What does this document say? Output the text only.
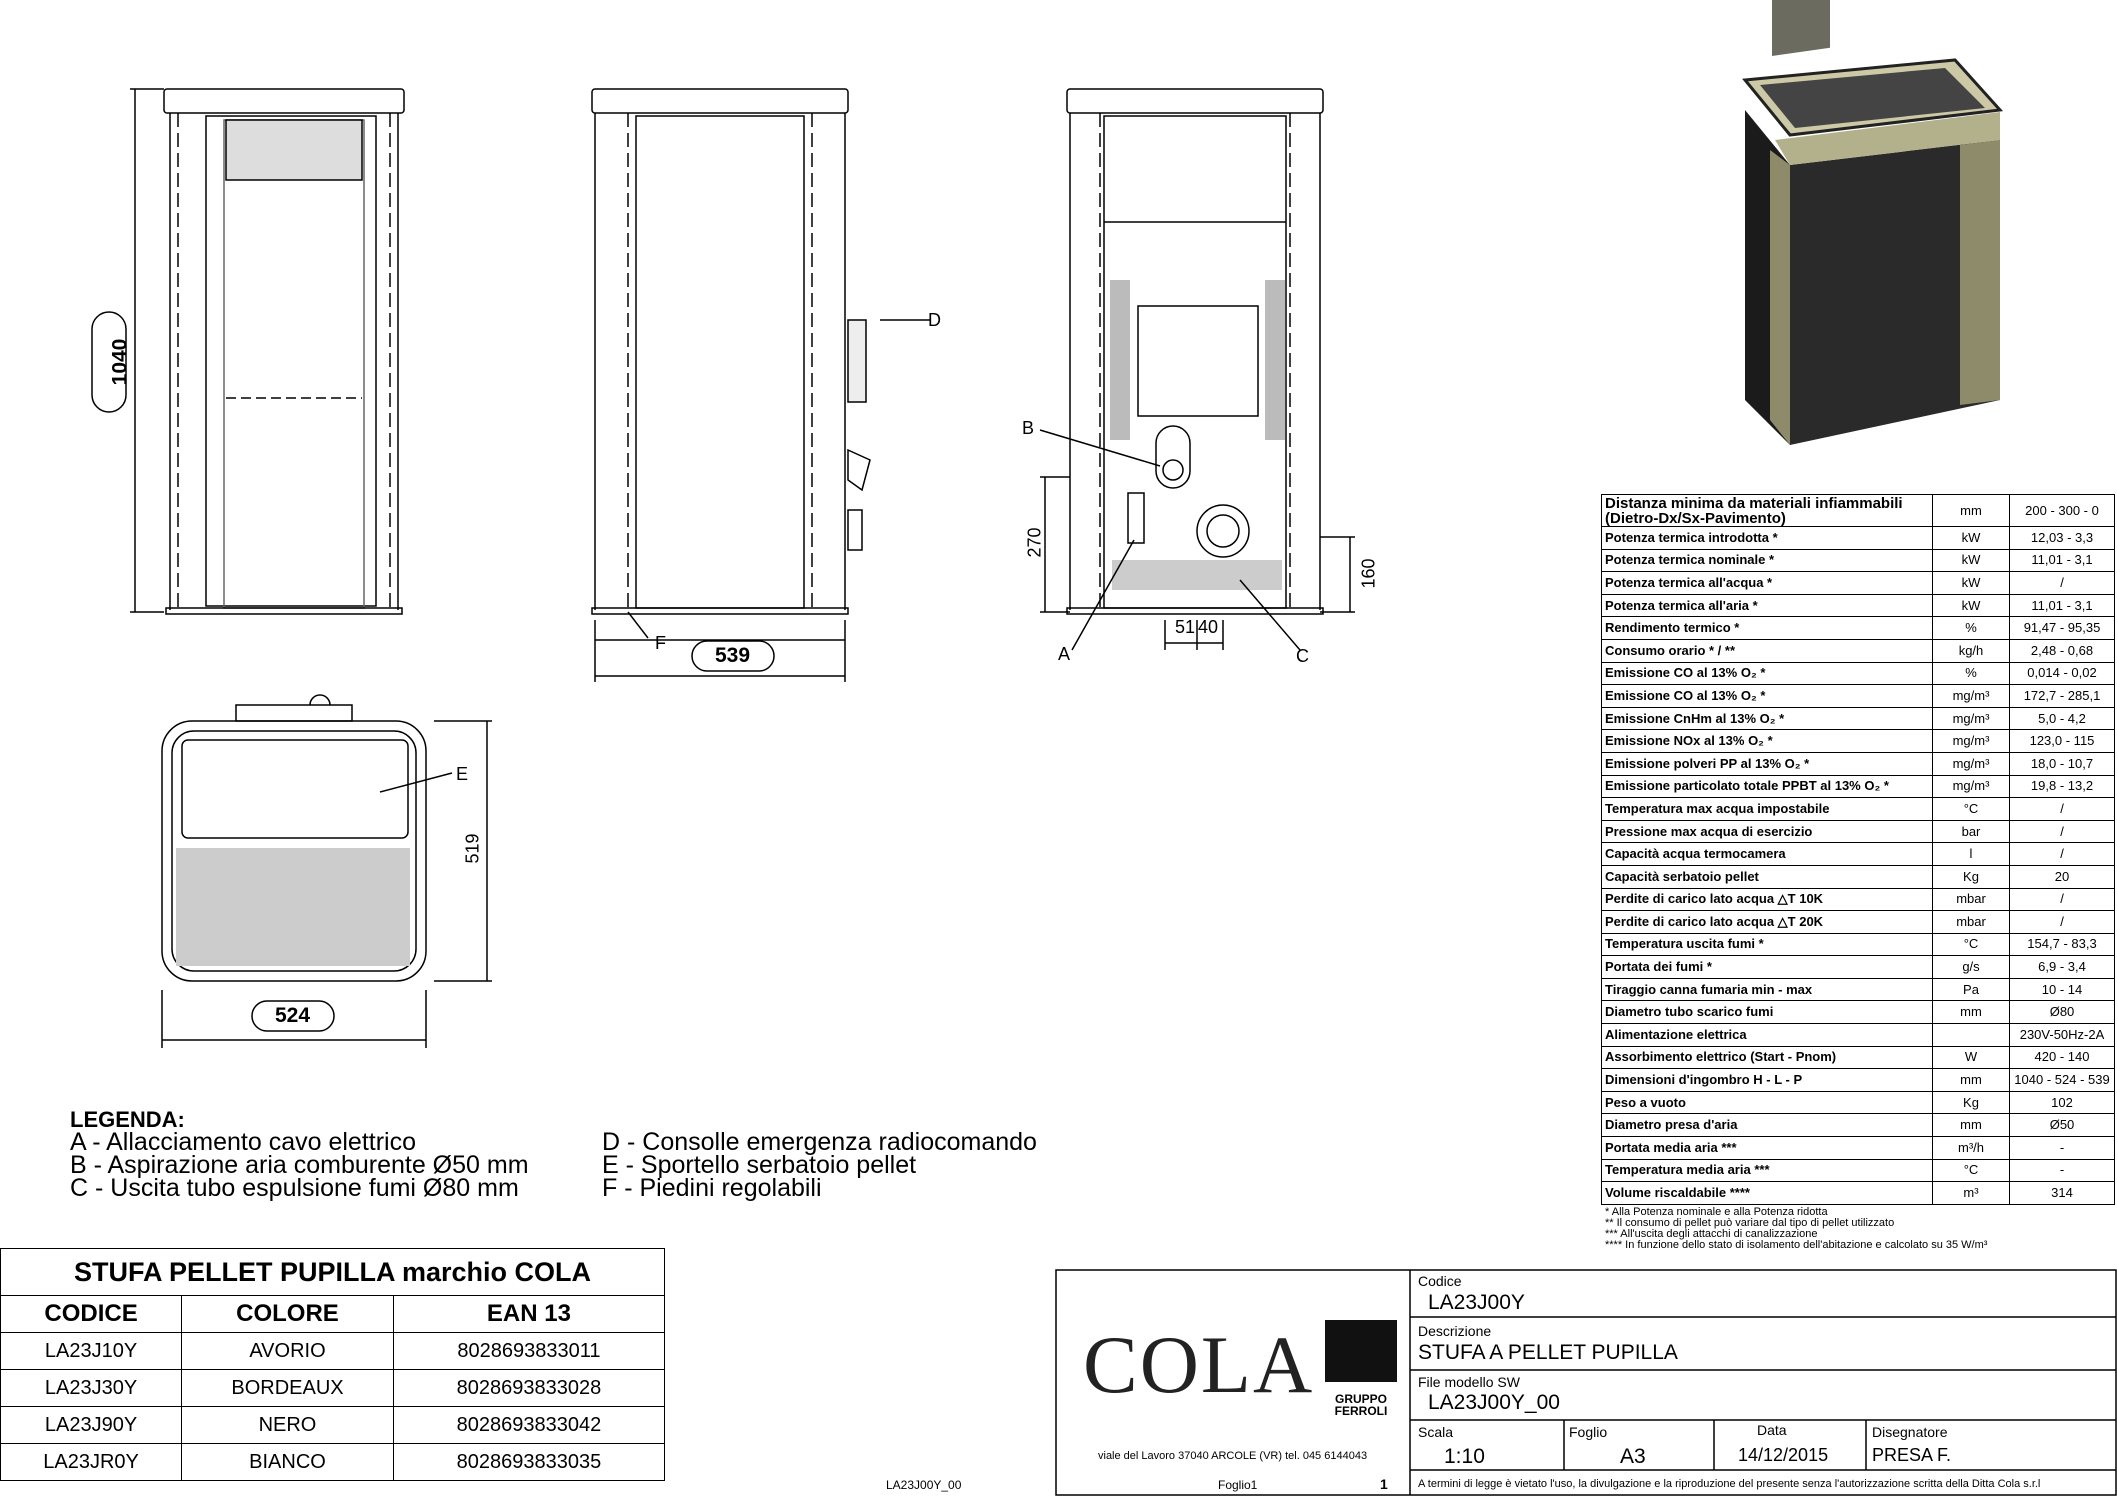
1040
539
519
524
270
160
51 40
A
B
C
D
E
F
Distanza minima da materiali infiammabili (Dietro-Dx/Sx-Pavimento)	mm	200 - 300 - 0
Potenza termica introdotta *	kW	12,03 - 3,3
Potenza termica nominale *	kW	11,01 - 3,1
Potenza termica all'acqua *	kW	/
Potenza termica all'aria *	kW	11,01 - 3,1
Rendimento termico *	%	91,47 - 95,35
Consumo orario * / **	kg/h	2,48 - 0,68
Emissione CO al 13% O₂ *	%	0,014 - 0,02
Emissione CO al 13% O₂ *	mg/m³	172,7 - 285,1
Emissione CnHm al 13% O₂ *	mg/m³	5,0 - 4,2
Emissione NOx al 13% O₂ *	mg/m³	123,0 - 115
Emissione polveri PP al 13% O₂ *	mg/m³	18,0 - 10,7
Emissione particolato totale PPBT al 13% O₂ *	mg/m³	19,8 - 13,2
Temperatura max acqua impostabile	°C	/
Pressione max acqua di esercizio	bar	/
Capacità acqua termocamera	l	/
Capacità serbatoio pellet	Kg	20
Perdite di carico lato acqua △T 10K	mbar	/
Perdite di carico lato acqua △T 20K	mbar	/
Temperatura uscita fumi *	°C	154,7 - 83,3
Portata dei fumi *	g/s	6,9 - 3,4
Tiraggio canna fumaria min - max	Pa	10 - 14
Diametro tubo scarico fumi	mm	Ø80
Alimentazione elettrica		230V-50Hz-2A
Assorbimento elettrico (Start - Pnom)	W	420 - 140
Dimensioni d'ingombro H - L - P	mm	1040 - 524 - 539
Peso a vuoto	Kg	102
Diametro presa d'aria	mm	Ø50
Portata media aria ***	m³/h	-
Temperatura media aria ***	°C	-
Volume riscaldabile ****	m³	314
* Alla Potenza nominale e alla Potenza ridotta
** Il consumo di pellet può variare dal tipo di pellet utilizzato
*** All'uscita degli attacchi di canalizzazione
**** In funzione dello stato di isolamento dell'abitazione e calcolato su 35 W/m³
LEGENDA:
A - Allacciamento cavo elettrico
B - Aspirazione aria comburente Ø50 mm
C - Uscita tubo espulsione fumi Ø80 mm
D - Consolle emergenza radiocomando
E - Sportello serbatoio pellet
F - Piedini regolabili
STUFA PELLET PUPILLA marchio COLA		
CODICE	COLORE	EAN 13
LA23J10Y	AVORIO	8028693833011
LA23J30Y	BORDEAUX	8028693833028
LA23J90Y	NERO	8028693833042
LA23JR0Y	BIANCO	8028693833035
COLA	GRUPPO FERROLI
viale del Lavoro 37040 ARCOLE (VR) tel. 045 6144043
Codice
LA23J00Y
Descrizione
STUFA A PELLET PUPILLA
File modello SW
LA23J00Y_00
Scala
1:10
Foglio
A3
Data
14/12/2015
Disegnatore
PRESA F.
A termini di legge è vietato l'uso, la divulgazione e la riproduzione del presente senza l'autorizzazione scritta della Ditta Cola s.r.l
LA23J00Y_00	Foglio1	1
